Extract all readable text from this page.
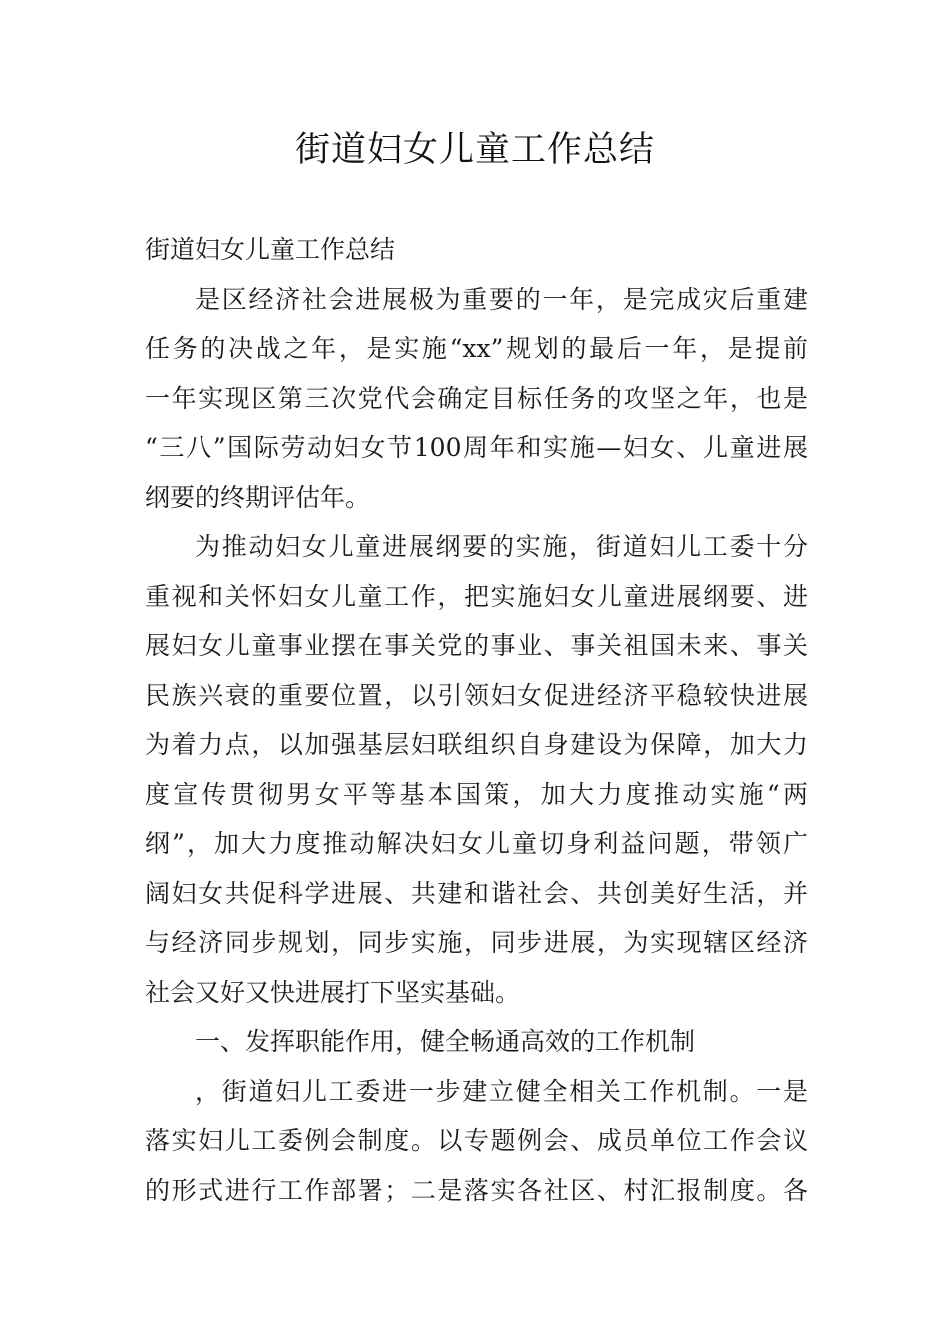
街道妇女儿童工作总结
街道妇女儿童工作总结
是区经济社会进展极为重要的一年，是完成灾后重建
任务的决战之年，是实施“xx”规划的最后一年，是提前
一年实现区第三次党代会确定目标任务的攻坚之年，也是
“三八”国际劳动妇女节100周年和实施—妇女、儿童进展
纲要的终期评估年。
为推动妇女儿童进展纲要的实施，街道妇儿工委十分
重视和关怀妇女儿童工作，把实施妇女儿童进展纲要、进
展妇女儿童事业摆在事关党的事业、事关祖国未来、事关
民族兴衰的重要位置，以引领妇女促进经济平稳较快进展
为着力点，以加强基层妇联组织自身建设为保障，加大力
度宣传贯彻男女平等基本国策，加大力度推动实施“两
纲”，加大力度推动解决妇女儿童切身利益问题，带领广
阔妇女共促科学进展、共建和谐社会、共创美好生活，并
与经济同步规划，同步实施，同步进展，为实现辖区经济
社会又好又快进展打下坚实基础。
一、发挥职能作用，健全畅通高效的工作机制
，街道妇儿工委进一步建立健全相关工作机制。一是
落实妇儿工委例会制度。以专题例会、成员单位工作会议
的形式进行工作部署；二是落实各社区、村汇报制度。各
